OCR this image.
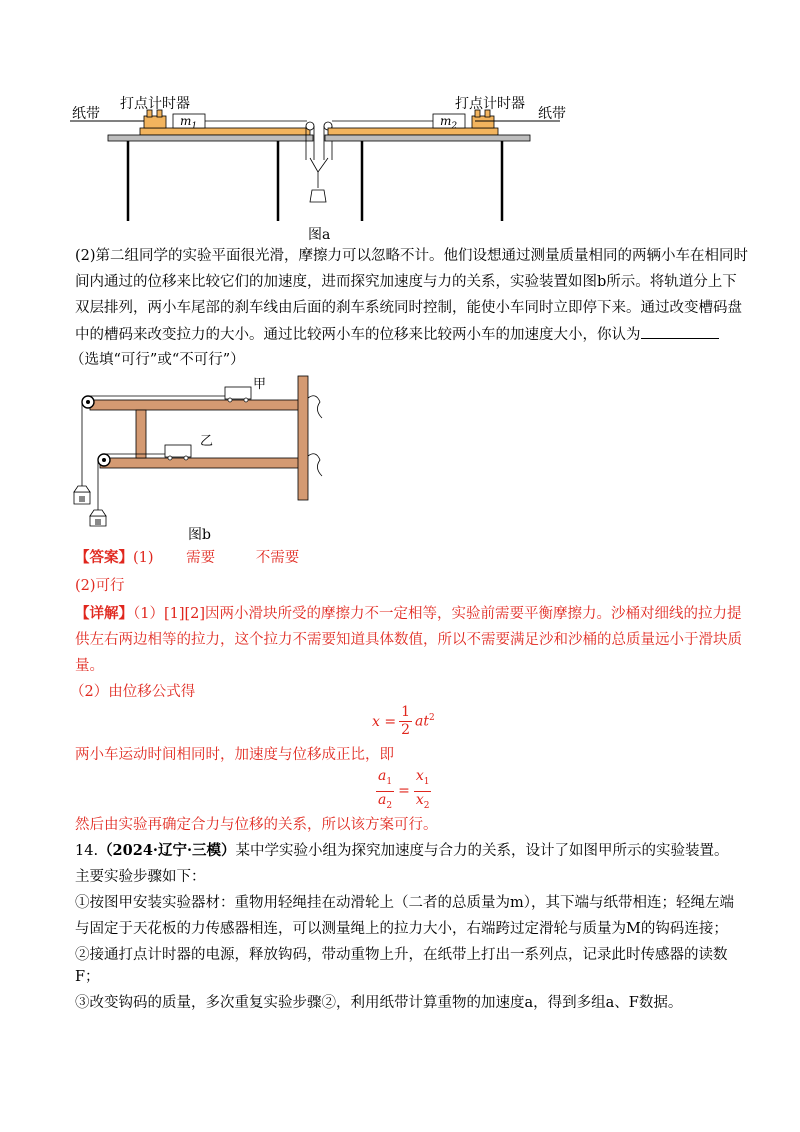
打点计时器	打点计时器
纸带	纸带
$m_1$	$m_2$
图a
(2)第二组同学的实验平面很光滑，摩擦力可以忽略不计。他们设想通过测量质量相同的两辆小车在相同时
间内通过的位移来比较它们的加速度，进而探究加速度与力的关系，实验装置如图b所示。将轨道分上下
双层排列，两小车尾部的刹车线由后面的刹车系统同时控制，能使小车同时立即停下来。通过改变槽码盘
中的槽码来改变拉力的大小。通过比较两小车的位移来比较两小车的加速度大小，你认为
（选填“可行”或“不可行”）
甲
乙
图b
【答案】(1) 需要	不需要
(2)可行
【详解】（1）[1][2]因两小滑块所受的摩擦力不一定相等，实验前需要平衡摩擦力。沙桶对细线的拉力提
供左右两边相等的拉力，这个拉力不需要知道具体数值，所以不需要满足沙和沙桶的总质量远小于滑块质
量。
（2）由位移公式得
$x = \frac{1}{2} at^2$
两小车运动时间相同时，加速度与位移成正比，即
$\frac{a_1}{a_2} = \frac{x_1}{x_2}$
然后由实验再确定合力与位移的关系，所以该方案可行。
14.（2024·辽宁·三模）某中学实验小组为探究加速度与合力的关系，设计了如图甲所示的实验装置。
主要实验步骤如下：
①按图甲安装实验器材：重物用轻绳挂在动滑轮上（二者的总质量为m），其下端与纸带相连；轻绳左端
与固定于天花板的力传感器相连，可以测量绳上的拉力大小，右端跨过定滑轮与质量为M的钩码连接；
②接通打点计时器的电源，释放钩码，带动重物上升，在纸带上打出一系列点，记录此时传感器的读数
F；
③改变钩码的质量，多次重复实验步骤②，利用纸带计算重物的加速度a，得到多组a、F数据。
